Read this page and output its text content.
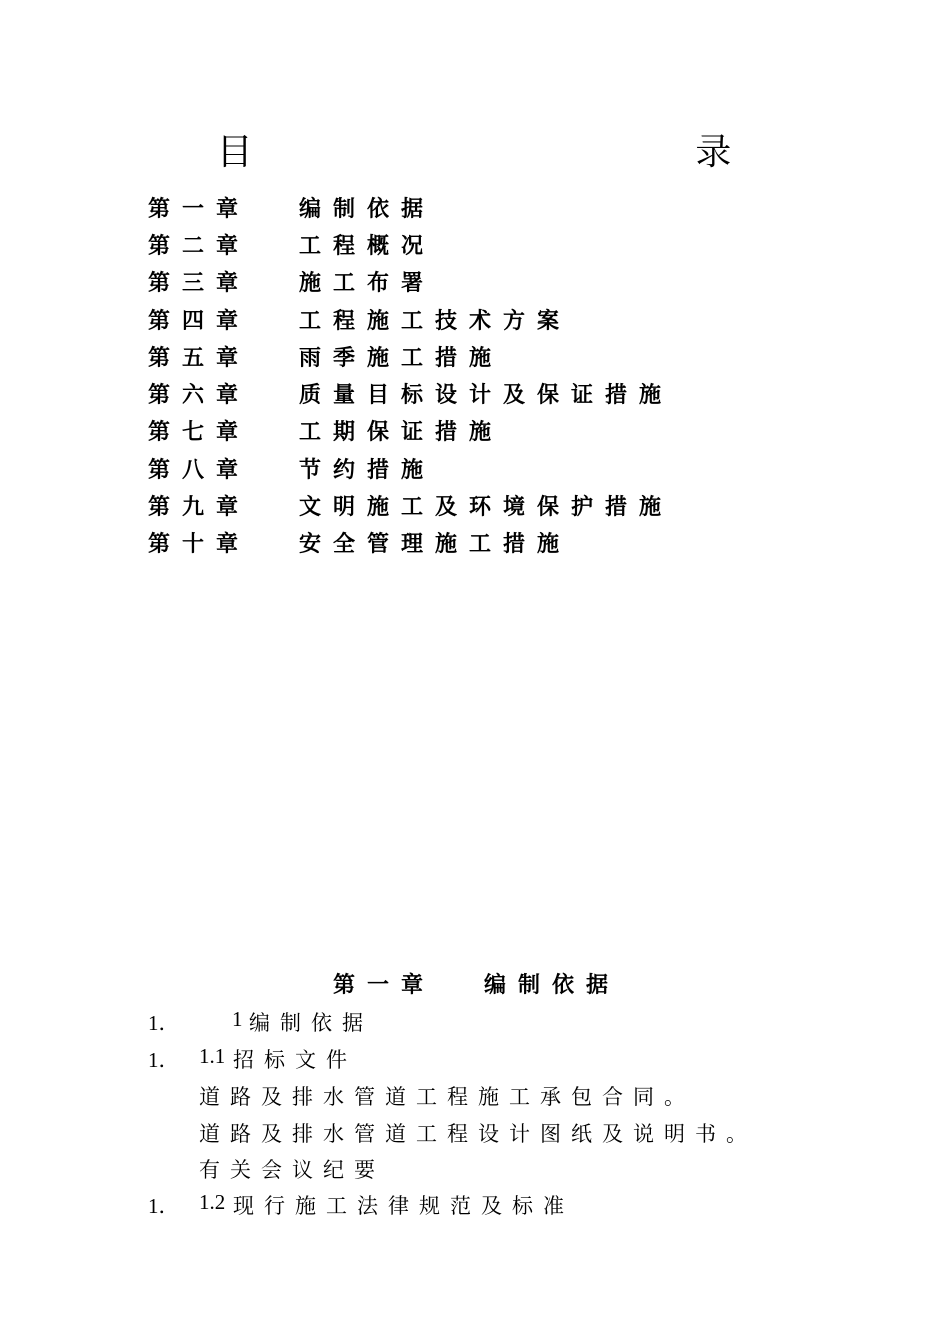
目      录
第一章 编制依据
第二章 工程概况
第三章 施工布署
第四章 工程施工技术方案
第五章 雨季施工措施
第六章 质量目标设计及保证措施
第七章 工期保证措施
第八章 节约措施
第九章 文明施工及环境保护措施
第十章 安全管理施工措施
第一章 编制依据
1．	1 编制依据
1． 1.1 招标文件
道路及排水管道工程施工承包合同。
道路及排水管道工程设计图纸及说明书。
有关会议纪要
1． 1.2 现行施工法律规范及标准
